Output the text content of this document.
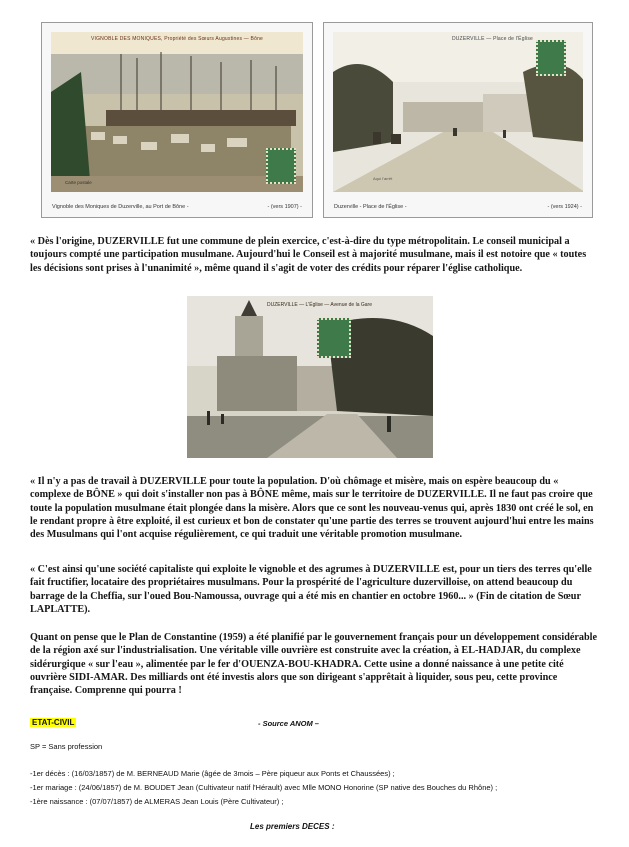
Carte postale
VIGNOBLE DES MONIQUES, Propriété des Sœurs Augustines — Bône
Vignoble des Moniques de Duzerville, au Port de Bône -	- (vers 1907) -
Aquí l'arrêt
DUZERVILLE — Place de l'Église
Duzerville - Place de l'Église -	- (vers 1924) -
« Dès l'origine, DUZERVILLE fut une commune de plein exercice, c'est-à-dire du type métropolitain. Le conseil municipal a toujours compté une participation musulmane. Aujourd'hui le Conseil est à majorité musulmane, mais il est notoire que « toutes les décisions sont prises à l'unanimité », même quand il s'agit de voter des crédits pour réparer l'église catholique.
DUZERVILLE — L'Église — Avenue de la Gare
« Il n'y a pas de travail à DUZERVILLE pour toute la population. D'où chômage et misère, mais on espère beaucoup du « complexe de BÔNE » qui doit s'installer non pas à BÔNE même, mais sur le territoire de DUZERVILLE. Il ne faut pas croire que toute la population musulmane était plongée dans la misère. Alors que ce sont les nouveau-venus qui, après 1830 ont créé le sol, en le rendant propre à être exploité, il est curieux et bon de constater qu'une partie des terres se trouvent aujourd'hui entre les mains des Musulmans qui l'ont acquise régulièrement, ce qui traduit une véritable promotion musulmane.
« C'est ainsi qu'une société capitaliste qui exploite le vignoble et des agrumes à DUZERVILLE est, pour un tiers des terres qu'elle fait fructifier, locataire des propriétaires musulmans. Pour la prospérité de l'agriculture duzervilloise, on attend beaucoup du barrage de la Cheffia, sur l'oued Bou-Namoussa, ouvrage qui a été mis en chantier en octobre 1960... » (Fin de citation de Sœur LAPLATTE).
Quant on pense que le Plan de Constantine (1959) a été planifié par le gouvernement français pour un développement considérable de la région axé sur l'industrialisation. Une véritable ville ouvrière est construite avec la création, à EL-HADJAR, du complexe sidérurgique « sur l'eau », alimentée par le fer d'OUENZA-BOU-KHADRA. Cette usine a donné naissance à une petite cité ouvrière SIDI-AMAR. Des milliards ont été investis alors que son dirigeant s'apprêtait à liquider, sous peu, cette province française. Comprenne qui pourra !
ETAT-CIVIL	- Source ANOM –
SP = Sans profession
-1er décès : (16/03/1857) de M. BERNEAUD Marie (âgée de 3mois – Père piqueur aux Ponts et Chaussées) ;
-1er mariage : (24/06/1857) de M. BOUDET Jean (Cultivateur natif l'Hérault) avec Mlle MONO Honorine (SP native des Bouches du Rhône) ;
-1ère naissance : (07/07/1857) de ALMERAS Jean Louis (Père Cultivateur) ;
Les premiers DECES :
